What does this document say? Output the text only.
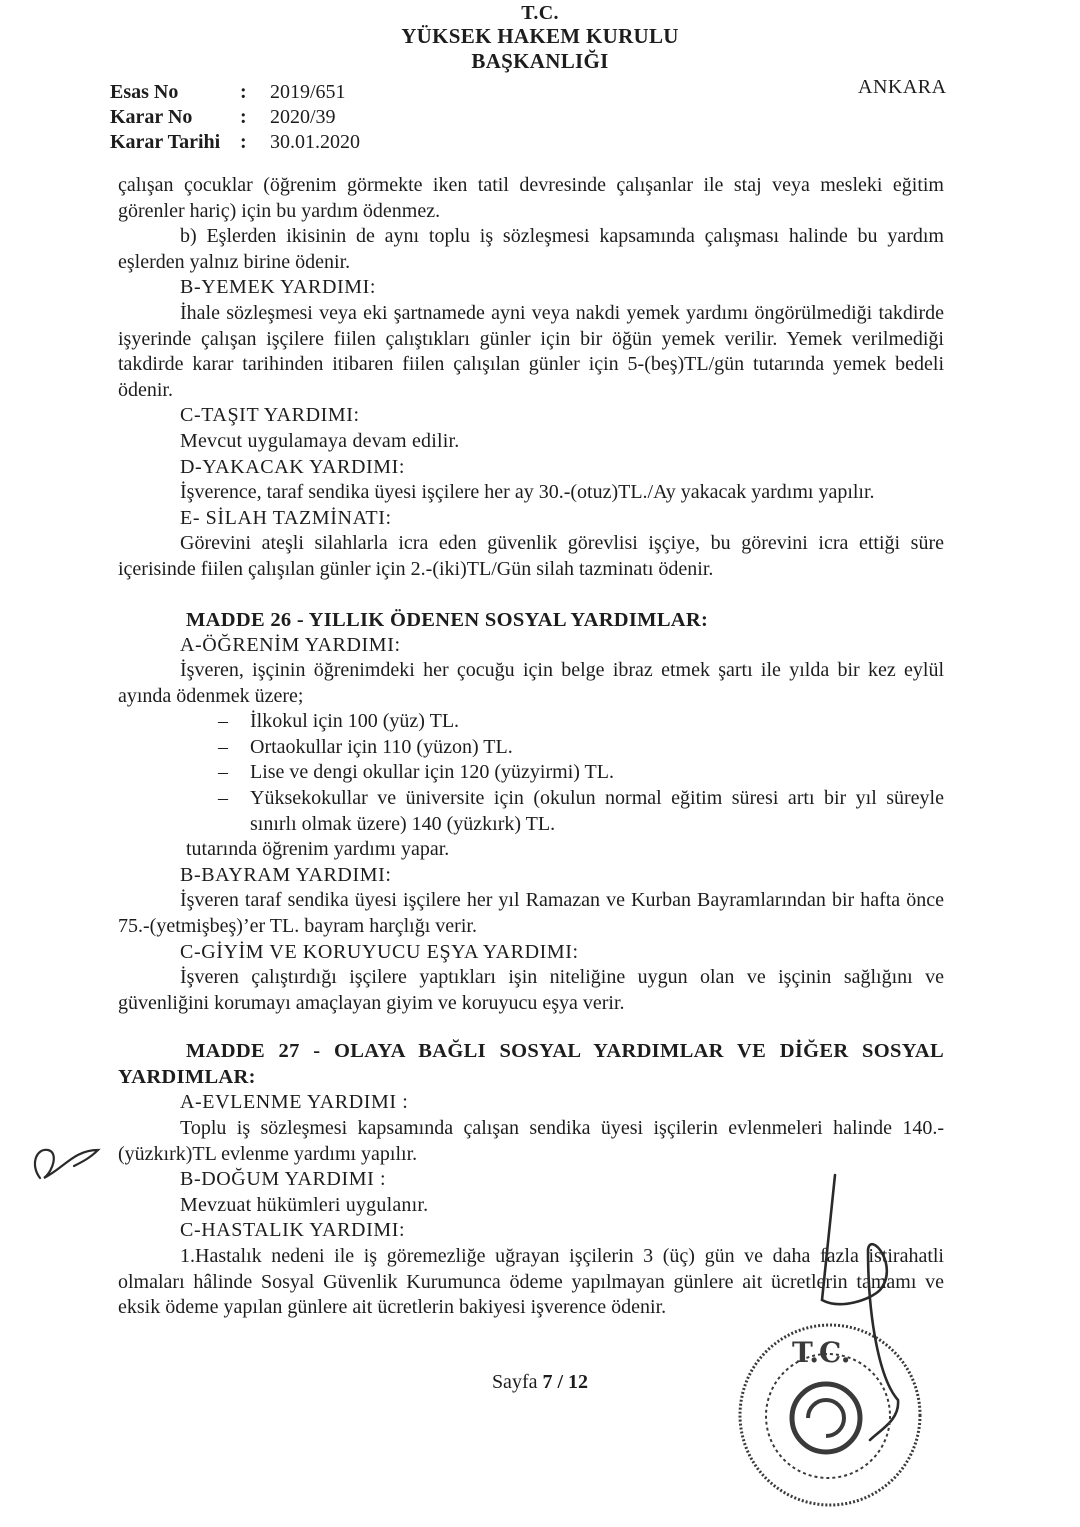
T.C.
YÜKSEK HAKEM KURULU
BAŞKANLIĞI
ANKARA
Esas No	:	2019/651
Karar No	:	2020/39
Karar Tarihi :	30.01.2020
çalışan çocuklar (öğrenim görmekte iken tatil devresinde çalışanlar ile staj veya mesleki eğitim görenler hariç) için bu yardım ödenmez.
b) Eşlerden ikisinin de aynı toplu iş sözleşmesi kapsamında çalışması halinde bu yardım eşlerden yalnız birine ödenir.
B-YEMEK YARDIMI:
İhale sözleşmesi veya eki şartnamede ayni veya nakdi yemek yardımı öngörülmediği takdirde işyerinde çalışan işçilere fiilen çalıştıkları günler için bir öğün yemek verilir. Yemek verilmediği takdirde karar tarihinden itibaren fiilen çalışılan günler için 5-(beş)TL/gün tutarında yemek bedeli ödenir.
C-TAŞIT YARDIMI:
Mevcut uygulamaya devam edilir.
D-YAKACAK YARDIMI:
İşverence, taraf sendika üyesi işçilere her ay 30.-(otuz)TL./Ay yakacak yardımı yapılır.
E- SİLAH TAZMİNATI:
Görevini ateşli silahlarla icra eden güvenlik görevlisi işçiye, bu görevini icra ettiği süre içerisinde fiilen çalışılan günler için 2.-(iki)TL/Gün silah tazminatı ödenir.
MADDE 26 - YILLIK ÖDENEN SOSYAL YARDIMLAR:
A-ÖĞRENİM YARDIMI:
İşveren, işçinin öğrenimdeki her çocuğu için belge ibraz etmek şartı ile yılda bir kez eylül ayında ödenmek üzere;
– İlkokul için 100 (yüz) TL.
– Ortaokullar için 110 (yüzon) TL.
– Lise ve dengi okullar için 120 (yüzyirmi) TL.
– Yüksekokullar ve üniversite için (okulun normal eğitim süresi artı bir yıl süreyle sınırlı olmak üzere) 140 (yüzkırk) TL.
tutarında öğrenim yardımı yapar.
B-BAYRAM YARDIMI:
İşveren taraf sendika üyesi işçilere her yıl Ramazan ve Kurban Bayramlarından bir hafta önce 75.-(yetmişbeş)’er TL. bayram harçlığı verir.
C-GİYİM VE KORUYUCU EŞYA YARDIMI:
İşveren çalıştırdığı işçilere yaptıkları işin niteliğine uygun olan ve işçinin sağlığını ve güvenliğini korumayı amaçlayan giyim ve koruyucu eşya verir.
MADDE 27 - OLAYA BAĞLI SOSYAL YARDIMLAR VE DİĞER SOSYAL YARDIMLAR:
A-EVLENME YARDIMI :
Toplu iş sözleşmesi kapsamında çalışan sendika üyesi işçilerin evlenmeleri halinde 140.-(yüzkırk)TL evlenme yardımı yapılır.
B-DOĞUM YARDIMI :
Mevzuat hükümleri uygulanır.
C-HASTALIK YARDIMI:
1.Hastalık nedeni ile iş göremezliğe uğrayan işçilerin 3 (üç) gün ve daha fazla istirahatli olmaları hâlinde Sosyal Güvenlik Kurumunca ödeme yapılmayan günlere ait ücretlerin tamamı ve eksik ödeme yapılan günlere ait ücretlerin bakiyesi işverence ödenir.
Sayfa 7 / 12
T.C.
